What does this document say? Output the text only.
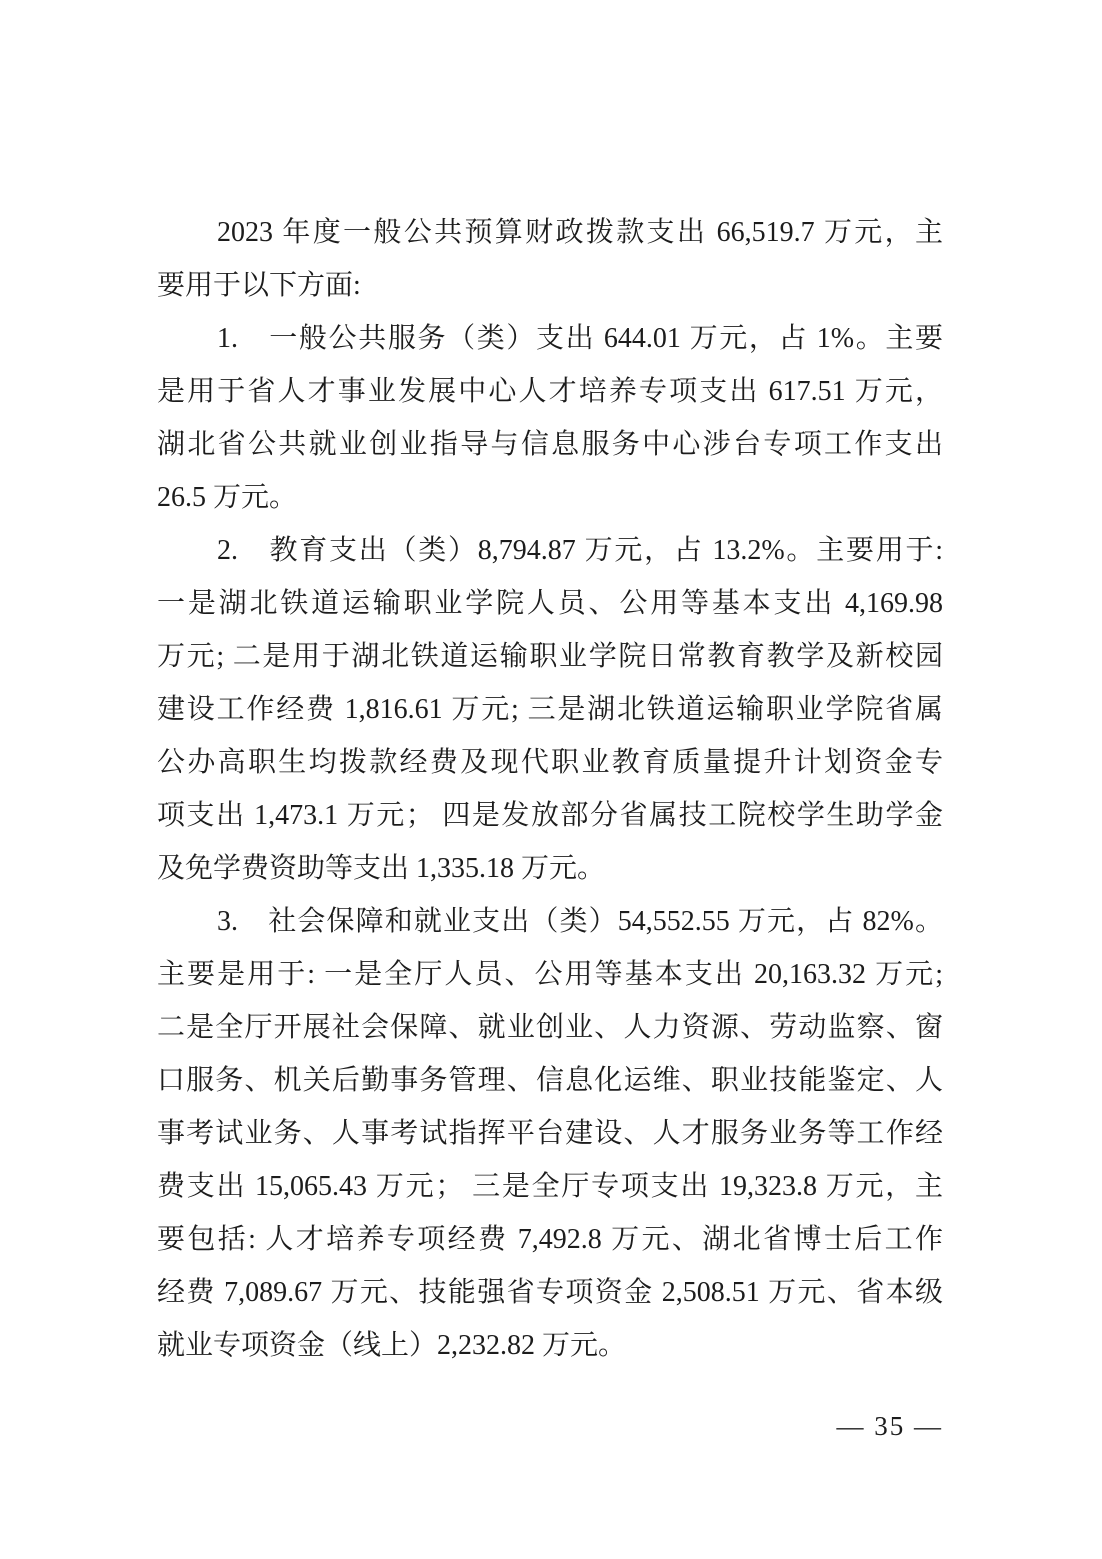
2023 年度一般公共预算财政拨款支出 66,519.7 万元，主
要用于以下方面:
1.　一般公共服务（类）支出 644.01 万元，占 1%。主要
是用于省人才事业发展中心人才培养专项支出 617.51 万元，
湖北省公共就业创业指导与信息服务中心涉台专项工作支出
26.5 万元。
2.　教育支出（类）8,794.87 万元，占 13.2%。主要用于:
一是湖北铁道运输职业学院人员、公用等基本支出 4,169.98
万元; 二是用于湖北铁道运输职业学院日常教育教学及新校园
建设工作经费 1,816.61 万元; 三是湖北铁道运输职业学院省属
公办高职生均拨款经费及现代职业教育质量提升计划资金专
项支出 1,473.1 万元； 四是发放部分省属技工院校学生助学金
及免学费资助等支出 1,335.18 万元。
3.　社会保障和就业支出（类）54,552.55 万元，占 82%。
主要是用于: 一是全厅人员、公用等基本支出 20,163.32 万元;
二是全厅开展社会保障、就业创业、人力资源、劳动监察、窗
口服务、机关后勤事务管理、信息化运维、职业技能鉴定、人
事考试业务、人事考试指挥平台建设、人才服务业务等工作经
费支出 15,065.43 万元； 三是全厅专项支出 19,323.8 万元，主
要包括: 人才培养专项经费 7,492.8 万元、湖北省博士后工作
经费 7,089.67 万元、技能强省专项资金 2,508.51 万元、省本级
就业专项资金（线上）2,232.82 万元。
— 35 —
